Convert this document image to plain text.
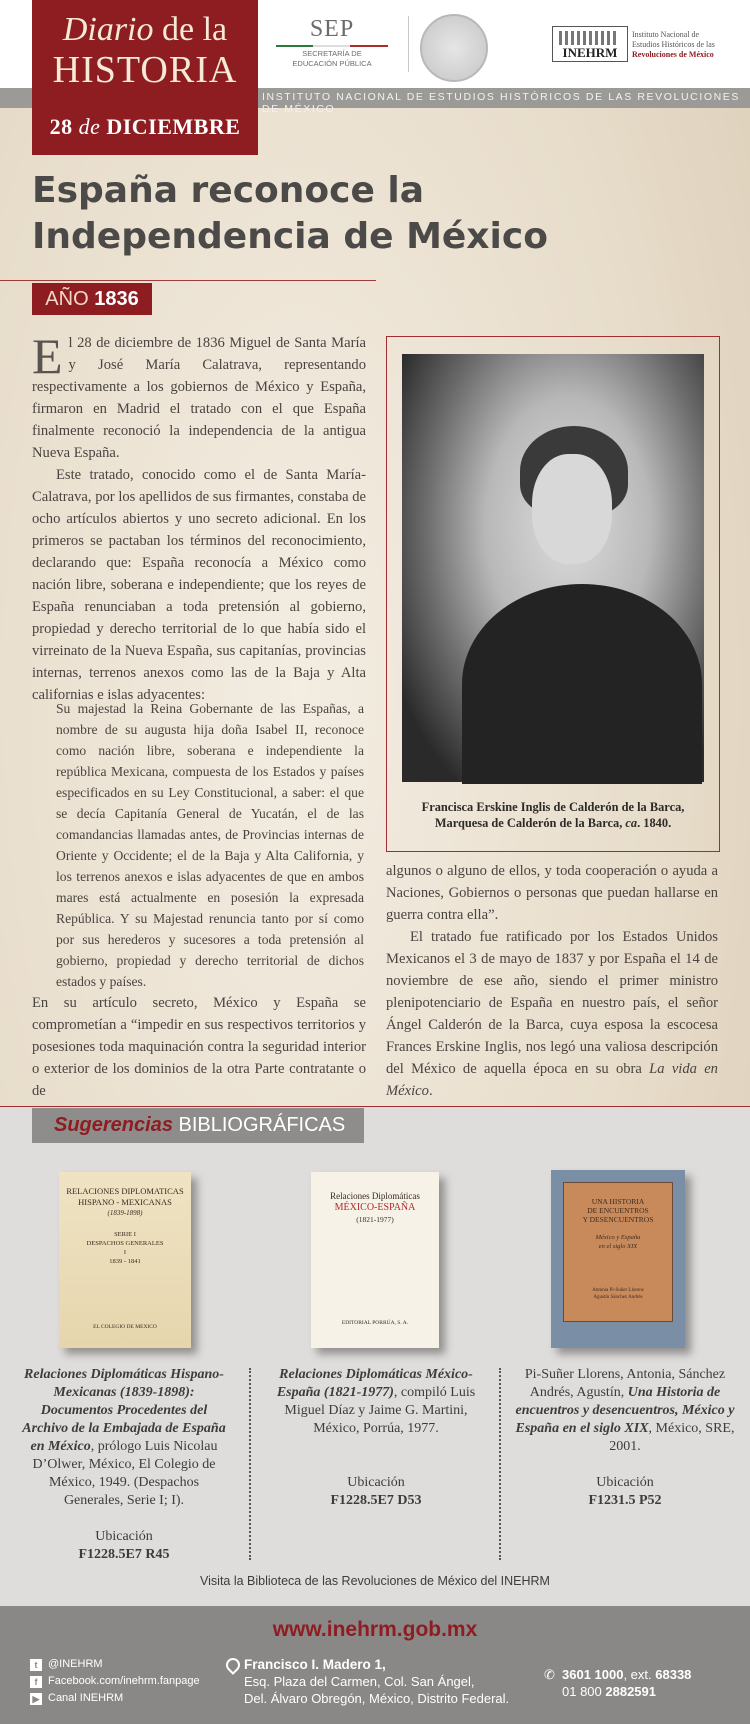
INSTITUTO NACIONAL DE ESTUDIOS HISTÓRICOS DE LAS REVOLUCIONES DE MÉXICO
Diario de la
HISTORIA
28 de DICIEMBRE
SEP
SECRETARÍA DE
EDUCACIÓN PÚBLICA
INEHRM
Instituto Nacional de
Estudios Históricos de las
Revoluciones de México
España reconoce la Independencia de México
AÑO 1836

El 28 de diciembre de 1836 Miguel de Santa María y José María Calatrava, representando respectivamente a los gobiernos de México y España, firmaron en Madrid el tratado con el que España finalmente reconoció la independencia de la antigua Nueva España.

Este tratado, conocido como el de Santa María-Calatrava, por los apellidos de sus firmantes, constaba de ocho artículos abiertos y uno secreto adicional. En los primeros se pactaban los términos del reconocimiento, declarando que: España reconocía a México como nación libre, soberana e independiente; que los reyes de España renunciaban a toda pretensión al gobierno, propiedad y derecho territorial de lo que había sido el virreinato de la Nueva España, sus capitanías, provincias internas, terrenos anexos como las de la Baja y Alta californias e islas adyacentes:

Su majestad la Reina Gobernante de las Españas, a nombre de su augusta hija doña Isabel II, reconoce como nación libre, soberana e independiente la república Mexicana, compuesta de los Estados y países especificados en su Ley Constitucional, a saber: el que se decía Capitanía General de Yucatán, el de las comandancias llamadas antes, de Provincias internas de Oriente y Occidente; el de la Baja y Alta California, y los terrenos anexos e islas adyacentes de que en ambos mares está actualmente en posesión la expresada República. Y su Majestad renuncia tanto por sí como por sus herederos y sucesores a toda pretensión al gobierno, propiedad y derecho territorial de dichos estados y países.
En su artículo secreto, México y España se comprometían a “impedir en sus respectivos territorios y posesiones toda maquinación contra la seguridad interior o exterior de los dominios de la otra Parte contratante o de
Francisca Erskine Inglis de Calderón de la Barca,
Marquesa de Calderón de la Barca, ca. 1840.

algunos o alguno de ellos, y toda cooperación o ayuda a Naciones, Gobiernos o personas que puedan hallarse en guerra contra ella”.

El tratado fue ratificado por los Estados Unidos Mexicanos el 3 de mayo de 1837 y por España el 14 de noviembre de ese año, siendo el primer ministro plenipotenciario de España en nuestro país, el señor Ángel Calderón de la Barca, cuya esposa la escocesa Frances Erskine Inglis, nos legó una valiosa descripción del México de aquella época en su obra La vida en México.

Sugerencias BIBLIOGRÁFICAS
RELACIONES DIPLOMATICAS
HISPANO - MEXICANAS
(1839-1898)
SERIE I
DESPACHOS GENERALES
I
1839 - 1841
EL COLEGIO DE MEXICO
Relaciones Diplomáticas
MÉXICO-ESPAÑA
(1821-1977)
EDITORIAL PORRÚA, S. A.
UNA HISTORIA
DE ENCUENTROS
Y DESENCUENTROS
México y España
en el siglo XIX
Antonia Pi-Suñer Llorens
Agustín Sánchez Andrés
Relaciones Diplomáticas Hispano-Mexicanas (1839-1898): Documentos Procedentes del Archivo de la Embajada de España en México, prólogo Luis Nicolau D’Olwer, México, El Colegio de México, 1949. (Despachos Generales, Serie I; I).
Ubicación
F1228.5E7 R45
Relaciones Diplomáticas México-España (1821-1977), compiló Luis Miguel Díaz y Jaime G. Martini, México, Porrúa, 1977.
Ubicación
F1228.5E7 D53
Pi-Suñer Llorens, Antonia, Sánchez Andrés, Agustín, Una Historia de encuentros y desencuentros, México y España en el siglo XIX, México, SRE, 2001.
Ubicación
F1231.5 P52
Visita la Biblioteca de las Revoluciones de México del INEHRM
www.inehrm.gob.mx
t @INEHRM
f Facebook.com/inehrm.fanpage
▶ Canal INEHRM
Francisco I. Madero 1,
Esq. Plaza del Carmen, Col. San Ángel,
Del. Álvaro Obregón, México, Distrito Federal.
✆ 3601 1000, ext. 68338
01 800 2882591
